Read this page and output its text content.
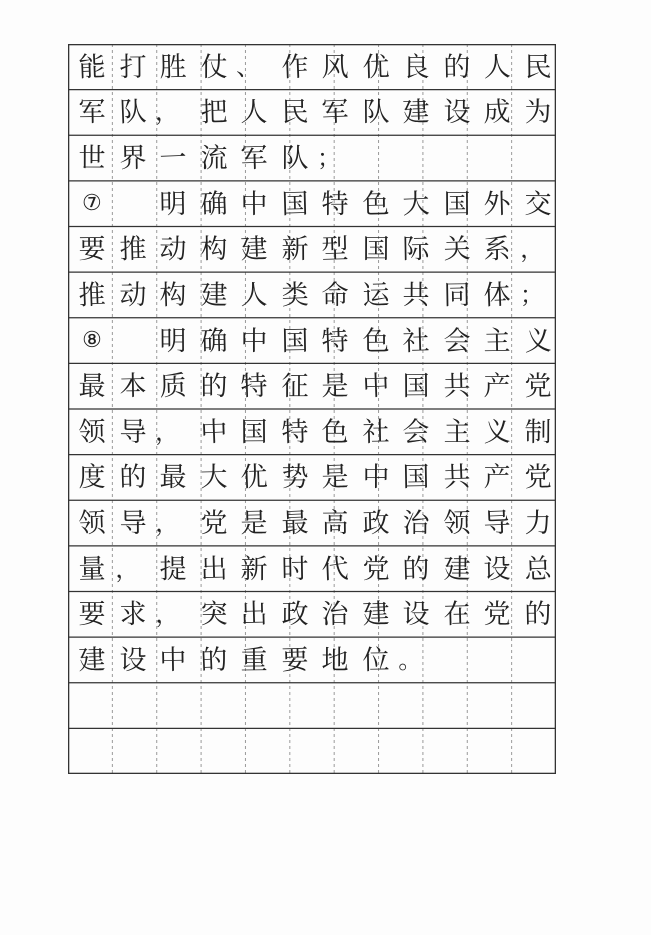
能 打 胜 仗 、 作 风 优 良 的 人 民
军 队 ， 把 人 民 军 队 建 设 成 为
世 界 一 流 军 队 ；
⑦	明 确 中 国 特 色 大 国 外 交
要 推 动 构 建 新 型 国 际 关 系 ，
推 动 构 建 人 类 命 运 共 同 体 ；
⑧	明 确 中 国 特 色 社 会 主 义
最 本 质 的 特 征 是 中 国 共 产 党
领 导 ， 中 国 特 色 社 会 主 义 制
度 的 最 大 优 势 是 中 国 共 产 党
领 导 ， 党 是 最 高 政 治 领 导 力
量 ， 提 出 新 时 代 党 的 建 设 总
要 求 ， 突 出 政 治 建 设 在 党 的
建 设 中 的 重 要 地 位 。
